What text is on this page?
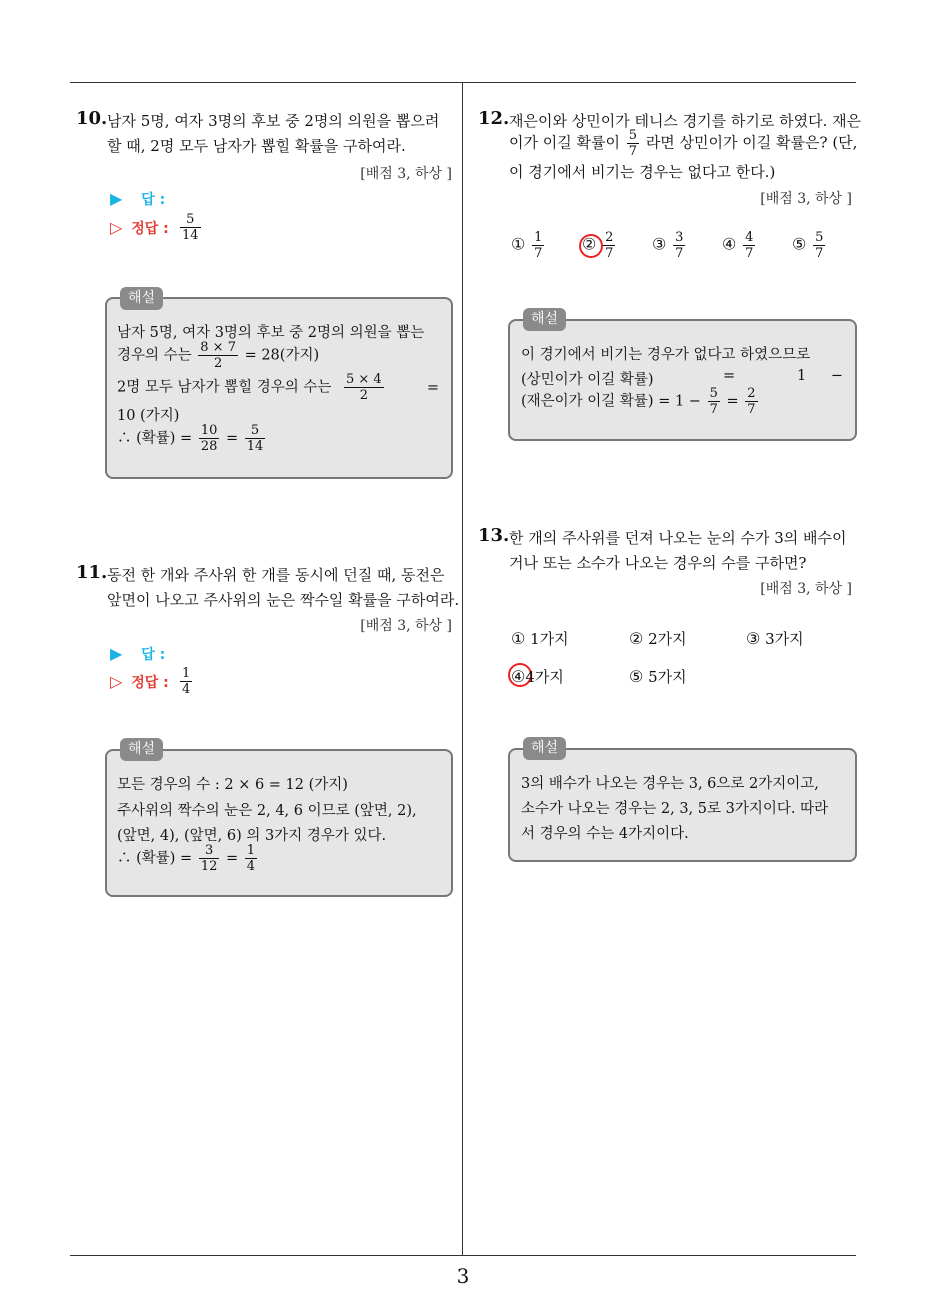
3
10. 남자 5명, 여자 3명의 후보 중 2명의 의원을 뽑으려
할 때, 2명 모두 남자가 뽑힐 확률을 구하여라.
[배점 3, 하상 ]
▶ 답 :
▷ 정답 : $\frac{5}{14}$
해설
남자 5명, 여자 3명의 후보 중 2명의 의원을 뽑는
경우의 수는 $\frac{8 \times 7}{2} = 28$(가지)
2명 모두 남자가 뽑힐 경우의 수는 $\frac{5 \times 4}{2}$	=
10 (가지)
∴ (확률) = $\frac{10}{28} = \frac{5}{14}$
11. 동전 한 개와 주사위 한 개를 동시에 던질 때, 동전은
앞면이 나오고 주사위의 눈은 짝수일 확률을 구하여라.
[배점 3, 하상 ]
▶ 답 :
▷ 정답 : $\frac{1}{4}$
해설
모든 경우의 수 : 2 × 6 = 12 (가지)
주사위의 짝수의 눈은 2, 4, 6 이므로 (앞면, 2),
(앞면, 4), (앞면, 6) 의 3가지 경우가 있다.
∴ (확률) = $\frac{3}{12} = \frac{1}{4}$
12. 재은이와 상민이가 테니스 경기를 하기로 하였다. 재은
이가 이길 확률이 $\frac{5}{7}$ 라면 상민이가 이길 확률은? (단,
이 경기에서 비기는 경우는 없다고 한다.)
[배점 3, 하상 ]
① $\frac{1}{7}$ ② $\frac{2}{7}$ ③ $\frac{3}{7}$ ④ $\frac{4}{7}$ ⑤ $\frac{5}{7}$
해설
이 경기에서 비기는 경우가 없다고 하였으므로
(상민이가 이길 확률)	=	1 −
(재은이가 이길 확률) = $1 - \frac{5}{7} = \frac{2}{7}$
13. 한 개의 주사위를 던져 나오는 눈의 수가 3의 배수이
거나 또는 소수가 나오는 경우의 수를 구하면?
[배점 3, 하상 ]
① 1가지	② 2가지	③ 3가지
④4가지	⑤ 5가지
해설
3의 배수가 나오는 경우는 3, 6으로 2가지이고,
소수가 나오는 경우는 2, 3, 5로 3가지이다. 따라
서 경우의 수는 4가지이다.
